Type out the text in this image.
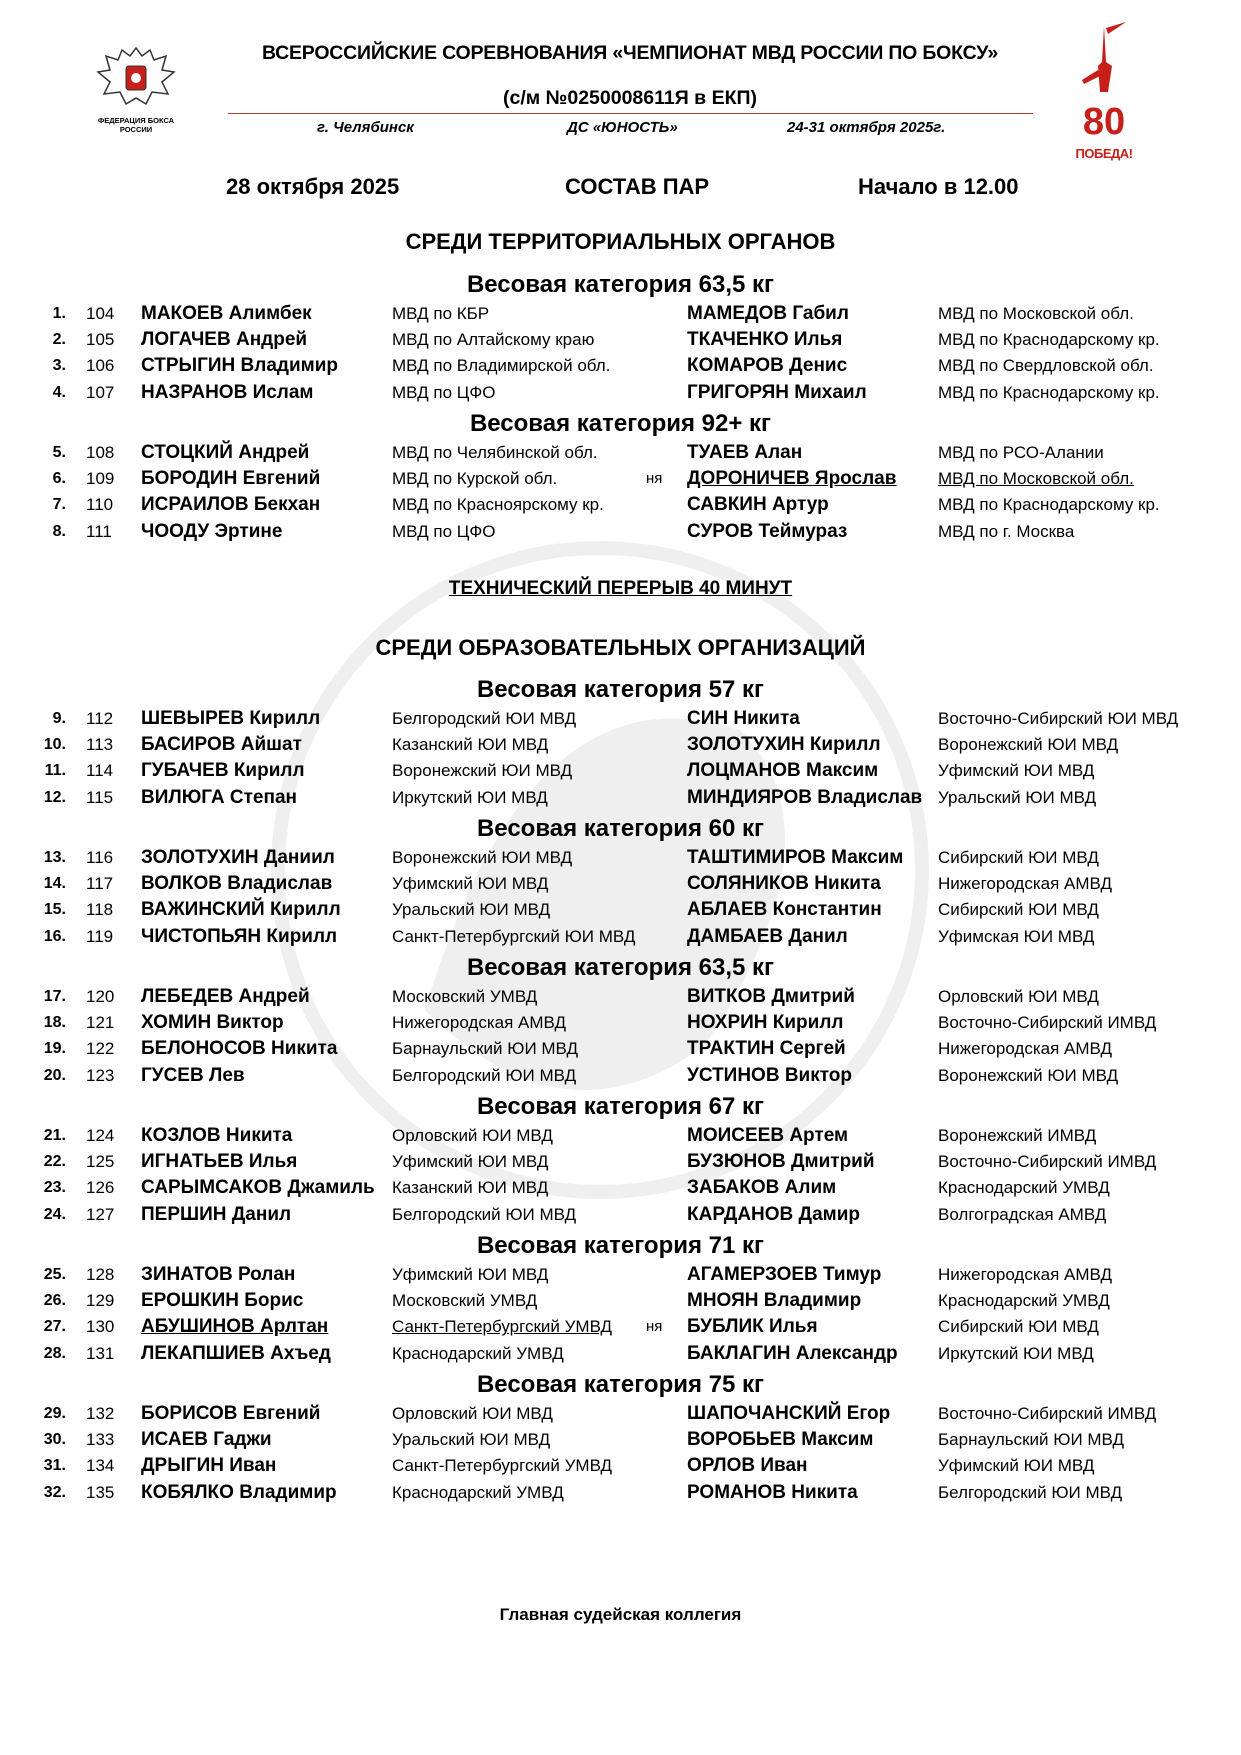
ФЕДЕРАЦИЯ БОКСА РОССИИ	80
ПОБЕДА!
ВСЕРОССИЙСКИЕ СОРЕВНОВАНИЯ «ЧЕМПИОНАТ МВД РОССИИ ПО БОКСУ»
(с/м №0250008611Я в ЕКП)
г. Челябинск	ДС «ЮНОСТЬ»	24-31 октября 2025г.
28 октября 2025	СОСТАВ ПАР	Начало в 12.00
СРЕДИ ТЕРРИТОРИАЛЬНЫХ ОРГАНОВ
ТЕХНИЧЕСКИЙ ПЕРЕРЫВ 40 МИНУТ
СРЕДИ ОБРАЗОВАТЕЛЬНЫХ ОРГАНИЗАЦИЙ
Весовая категория 63,5 кг
1. 104 МАКОЕВ Алимбек	МВД по КБР	МАМЕДОВ Габил	МВД по Московской обл.
2. 105 ЛОГАЧЕВ Андрей	МВД по Алтайскому краю	ТКАЧЕНКО Илья	МВД по Краснодарскому кр.
3. 106 СТРЫГИН Владимир	МВД по Владимирской обл.	КОМАРОВ Денис	МВД по Свердловской обл.
4. 107 НАЗРАНОВ Ислам	МВД по ЦФО	ГРИГОРЯН Михаил	МВД по Краснодарскому кр.
Весовая категория 92+ кг
5. 108 СТОЦКИЙ Андрей	МВД по Челябинской обл.	ТУАЕВ Алан	МВД по РСО-Алании
6. 109 БОРОДИН Евгений	МВД по Курской обл.	ня ДОРОНИЧЕВ Ярослав МВД по Московской обл.
7. 110 ИСРАИЛОВ Бекхан	МВД по Красноярскому кр.	САВКИН Артур	МВД по Краснодарскому кр.
8. 111	ЧООДУ Эртине	МВД по ЦФО	СУРОВ Теймураз	МВД по г. Москва
Весовая категория 57 кг
9. 112 ШЕВЫРЕВ Кирилл	Белгородский ЮИ МВД	СИН Никита	Восточно-Сибирский ЮИ МВД
10. 113 БАСИРОВ Айшат	Казанский ЮИ МВД	ЗОЛОТУХИН Кирилл	Воронежский ЮИ МВД
11. 114 ГУБАЧЕВ Кирилл	Воронежский ЮИ МВД	ЛОЦМАНОВ Максим	Уфимский ЮИ МВД
12. 115 ВИЛЮГА Степан	Иркутский ЮИ МВД	МИНДИЯРОВ Владислав Уральский ЮИ МВД
Весовая категория 60 кг
13. 116 ЗОЛОТУХИН Даниил	Воронежский ЮИ МВД	ТАШТИМИРОВ Максим Сибирский ЮИ МВД
14. 117 ВОЛКОВ Владислав	Уфимский ЮИ МВД	СОЛЯНИКОВ Никита	Нижегородская АМВД
15. 118 ВАЖИНСКИЙ Кирилл	Уральский ЮИ МВД	АБЛАЕВ Константин	Сибирский ЮИ МВД
16. 119 ЧИСТОПЬЯН Кирилл	Санкт-Петербургский ЮИ МВД	ДАМБАЕВ Данил	Уфимская ЮИ МВД
Весовая категория 63,5 кг
17. 120 ЛЕБЕДЕВ Андрей	Московский УМВД	ВИТКОВ Дмитрий	Орловский ЮИ МВД
18. 121 ХОМИН Виктор	Нижегородская АМВД	НОХРИН Кирилл	Восточно-Сибирский ИМВД
19. 122 БЕЛОНОСОВ Никита	Барнаульский ЮИ МВД	ТРАКТИН Сергей	Нижегородская АМВД
20. 123 ГУСЕВ Лев	Белгородский ЮИ МВД	УСТИНОВ Виктор	Воронежский ЮИ МВД
Весовая категория 67 кг
21. 124 КОЗЛОВ Никита	Орловский ЮИ МВД	МОИСЕЕВ Артем	Воронежский ИМВД
22. 125 ИГНАТЬЕВ Илья	Уфимский ЮИ МВД	БУЗЮНОВ Дмитрий	Восточно-Сибирский ИМВД
23. 126 САРЫМСАКОВ Джамиль Казанский ЮИ МВД	ЗАБАКОВ Алим	Краснодарский УМВД
24. 127 ПЕРШИН Данил	Белгородский ЮИ МВД	КАРДАНОВ Дамир	Волгоградская АМВД
Весовая категория 71 кг
25. 128 ЗИНАТОВ Ролан	Уфимский ЮИ МВД	АГАМЕРЗОЕВ Тимур	Нижегородская АМВД
26. 129 ЕРОШКИН Борис	Московский УМВД	МНОЯН Владимир	Краснодарский УМВД
27. 130 АБУШИНОВ Арлтан	Санкт-Петербургский УМВД ня БУБЛИК Илья	Сибирский ЮИ МВД
28. 131 ЛЕКАПШИЕВ Ахъед	Краснодарский УМВД	БАКЛАГИН Александр Иркутский ЮИ МВД
Весовая категория 75 кг
29. 132 БОРИСОВ Евгений	Орловский ЮИ МВД	ШАПОЧАНСКИЙ Егор	Восточно-Сибирский ИМВД
30. 133 ИСАЕВ Гаджи	Уральский ЮИ МВД	ВОРОБЬЕВ Максим	Барнаульский ЮИ МВД
31. 134 ДРЫГИН Иван	Санкт-Петербургский УМВД	ОРЛОВ Иван	Уфимский ЮИ МВД
32. 135 КОБЯЛКО Владимир	Краснодарский УМВД	РОМАНОВ Никита	Белгородский ЮИ МВД
Главная судейская коллегия
